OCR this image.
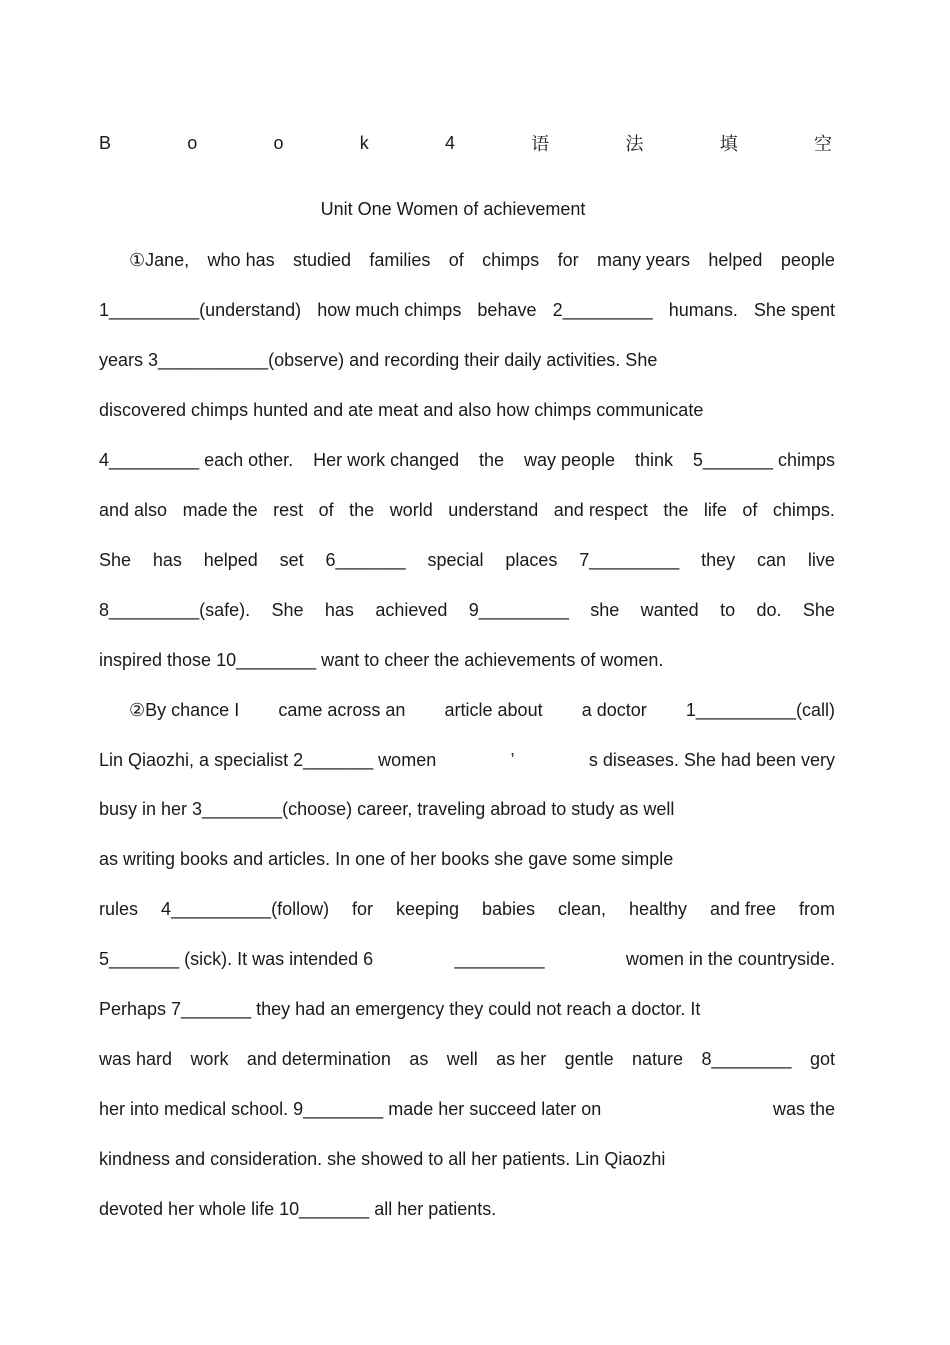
B	o	o	k	4	语	法	填	空
Unit One Women of achievement
①Jane, who has studied families of chimps for many years helped people
1_________(understand) how much chimps behave 2_________ humans. She spent
years 3___________(observe) and recording their daily activities. She
discovered chimps hunted and ate meat and also how chimps communicate
4_________ each other. Her work changed the way people think 5_______ chimps
and also made the rest of the world understand and respect the life of chimps.
She has helped set 6_______ special places 7_________ they can live
8_________(safe). She has achieved 9_________ she wanted to do. She
inspired those 10________ want to cheer the achievements of women.
②By chance I came across an article about a doctor 1__________(call)
Lin Qiaozhi, a specialist 2_______ women	’	s diseases. She had been very
busy in her 3________(choose) career, traveling abroad to study as well
as writing books and articles. In one of her books she gave some simple
rules 4__________(follow) for keeping babies clean, healthy and free from
5_______ (sick). It was intended 6	_________	women in the countryside.
Perhaps 7_______ they had an emergency they could not reach a doctor. It
was hard work and determination as well as her gentle nature 8________ got
her into medical school. 9________ made her succeed later on	was the
kindness and consideration. she showed to all her patients. Lin Qiaozhi
devoted her whole life 10_______ all her patients.
